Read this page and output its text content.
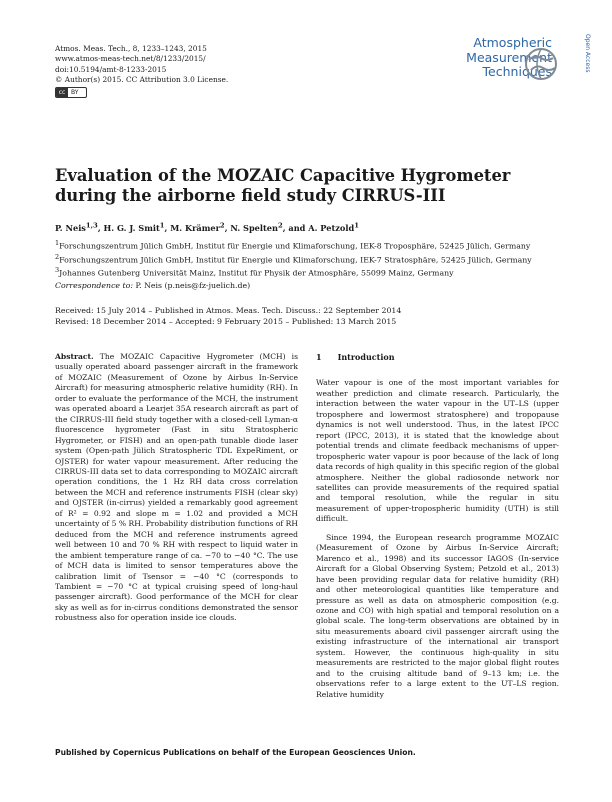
Atmos. Meas. Tech., 8, 1233–1243, 2015
www.atmos-meas-tech.net/8/1233/2015/
doi:10.5194/amt-8-1233-2015
© Author(s) 2015. CC Attribution 3.0 License.
cc BY
Atmospheric
Measurement
Techniques	Open Access
Evaluation of the MOZAIC Capacitive Hygrometer during the airborne field study CIRRUS-III
P. Neis$^{1,3}$, H. G. J. Smit$^1$, M. Krämer$^2$, N. Spelten$^2$, and A. Petzold$^1$
$^1$Forschungszentrum Jülich GmbH, Institut für Energie und Klimaforschung, IEK-8 Troposphäre, 52425 Jülich, Germany
$^2$Forschungszentrum Jülich GmbH, Institut für Energie und Klimaforschung, IEK-7 Stratosphäre, 52425 Jülich, Germany
$^3$Johannes Gutenberg Universität Mainz, Institut für Physik der Atmosphäre, 55099 Mainz, Germany
Correspondence to: P. Neis (p.neis@fz-juelich.de)
Received: 15 July 2014 – Published in Atmos. Meas. Tech. Discuss.: 22 September 2014
Revised: 18 December 2014 – Accepted: 9 February 2015 – Published: 13 March 2015
Abstract. The MOZAIC Capacitive Hygrometer (MCH) is usually operated aboard passenger aircraft in the framework of MOZAIC (Measurement of Ozone by Airbus In-Service Aircraft) for measuring atmospheric relative humidity (RH). In order to evaluate the performance of the MCH, the instrument was operated aboard a Learjet 35A research aircraft as part of the CIRRUS-III field study together with a closed-cell Lyman-α fluorescence hygrometer (Fast in situ Stratospheric Hygrometer, or FISH) and an open-path tunable diode laser system (Open-path Jülich Stratospheric TDL ExpeRiment, or OJSTER) for water vapour measurement. After reducing the CIRRUS-III data set to data corresponding to MOZAIC aircraft operation conditions, the 1 Hz RH data cross correlation between the MCH and reference instruments FISH (clear sky) and OJSTER (in-cirrus) yielded a remarkably good agreement of R² = 0.92 and slope m = 1.02 and provided a MCH uncertainty of 5 % RH. Probability distribution functions of RH deduced from the MCH and reference instruments agreed well between 10 and 70 % RH with respect to liquid water in the ambient temperature range of ca. −70 to −40 °C. The use of MCH data is limited to sensor temperatures above the calibration limit of Tsensor = −40 °C (corresponds to Tambient = −70 °C at typical cruising speed of long-haul passenger aircraft). Good performance of the MCH for clear sky as well as for in-cirrus conditions demonstrated the sensor robustness also for operation inside ice clouds.
1 Introduction

Water vapour is one of the most important variables for weather prediction and climate research. Particularly, the interaction between the water vapour in the UT–LS (upper troposphere and lowermost stratosphere) and tropopause dynamics is not well understood. Thus, in the latest IPCC report (IPCC, 2013), it is stated that the knowledge about potential trends and climate feedback mechanisms of upper-tropospheric water vapour is poor because of the lack of long data records of high quality in this specific region of the global atmosphere. Neither the global radiosonde network nor satellites can provide measurements of the required spatial and temporal resolution, while the regular in situ measurement of upper-tropospheric humidity (UTH) is still difficult.

Since 1994, the European research programme MOZAIC (Measurement of Ozone by Airbus In-Service Aircraft; Marenco et al., 1998) and its successor IAGOS (In-service Aircraft for a Global Observing System; Petzold et al., 2013) have been providing regular data for relative humidity (RH) and other meteorological quantities like temperature and pressure as well as data on atmospheric composition (e.g. ozone and CO) with high spatial and temporal resolution on a global scale. The long-term observations are obtained by in situ measurements aboard civil passenger aircraft using the existing infrastructure of the international air transport system. However, the continuous high-quality in situ measurements are restricted to the major global flight routes and to the cruising altitude band of 9–13 km; i.e. the observations refer to a large extent to the UT–LS region. Relative humidity

Published by Copernicus Publications on behalf of the European Geosciences Union.
